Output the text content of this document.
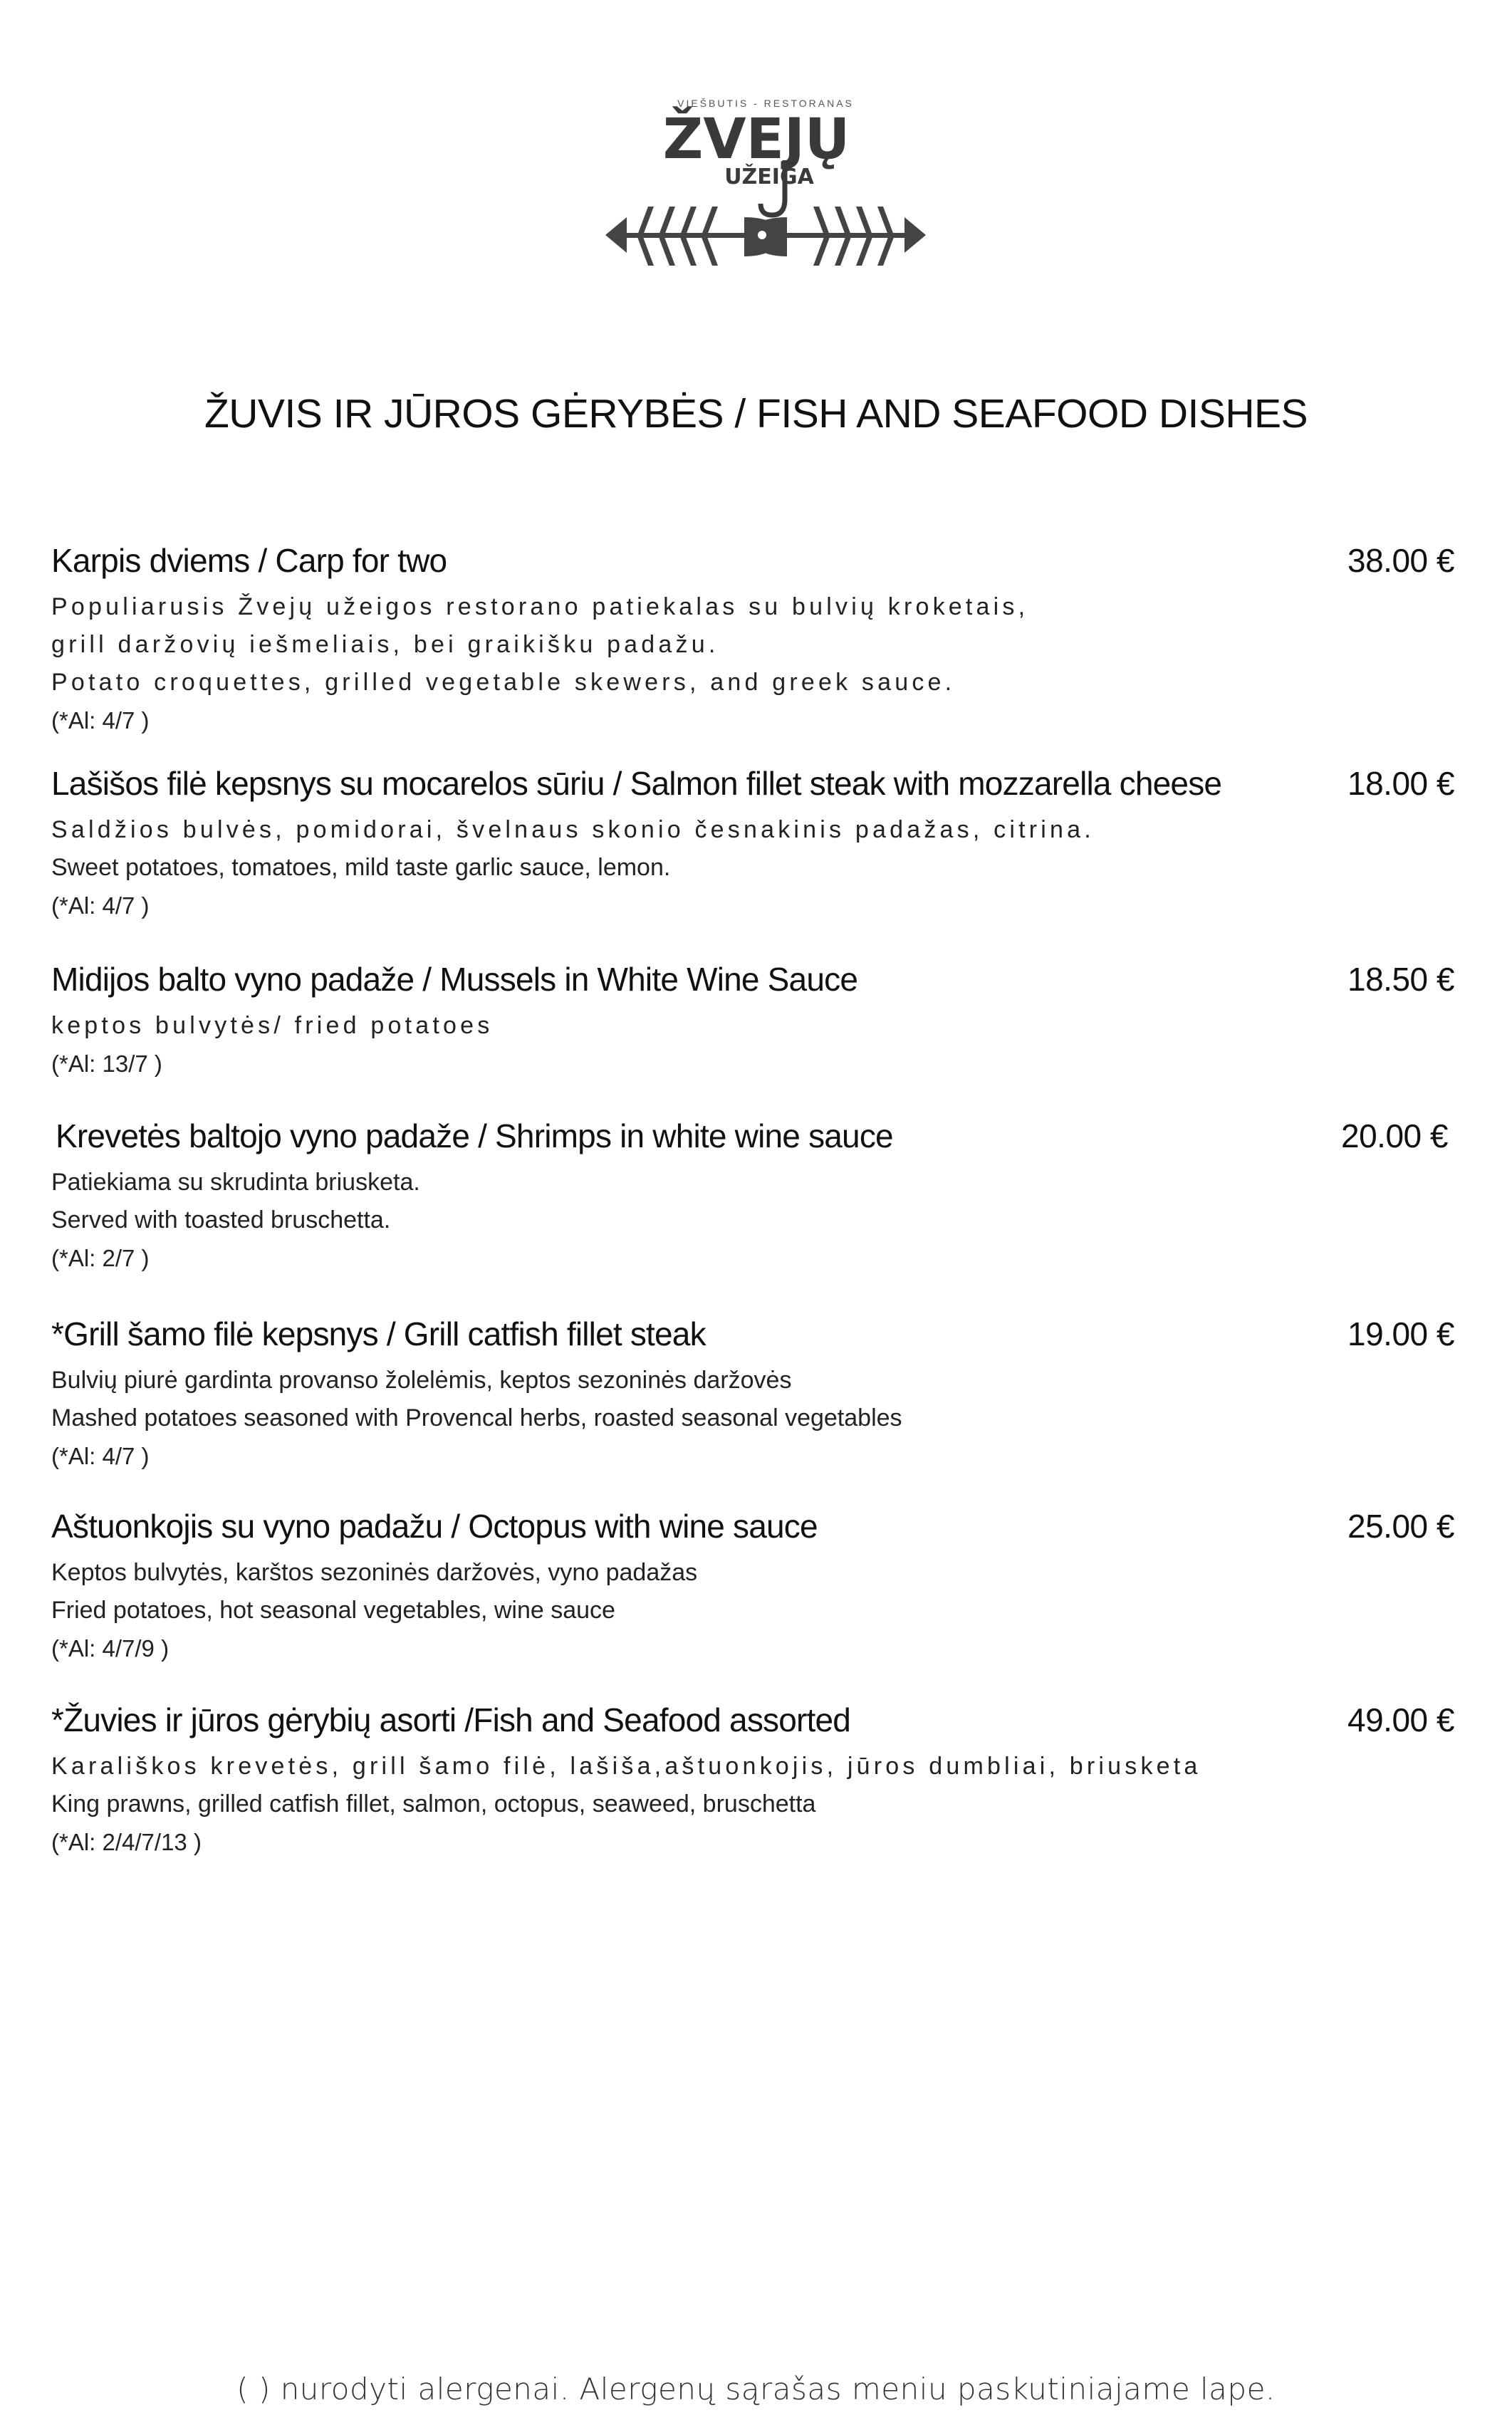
VIEŠBUTIS - RESTORANAS
ŽVEJŲ
UŽEIGA
ŽUVIS IR JŪROS GĖRYBĖS / FISH AND SEAFOOD DISHES
Karpis dviems / Carp for two	38.00 €
Populiarusis Žvejų užeigos restorano patiekalas su bulvių kroketais,
grill daržovių iešmeliais, bei graikišku padažu.
Potato croquettes, grilled vegetable skewers, and greek sauce.
(*Al: 4/7 )
Lašišos filė kepsnys su mocarelos sūriu / Salmon fillet steak with mozzarella cheese	18.00 €
Saldžios bulvės, pomidorai, švelnaus skonio česnakinis padažas, citrina.
Sweet potatoes, tomatoes, mild taste garlic sauce, lemon.
(*Al: 4/7 )
Midijos balto vyno padaže / Mussels in White Wine Sauce	18.50 €
keptos bulvytės/ fried potatoes
(*Al: 13/7 )
Krevetės baltojo vyno padaže / Shrimps in white wine sauce	20.00 €
Patiekiama su skrudinta briusketa.
Served with toasted bruschetta.
(*Al: 2/7 )
*Grill šamo filė kepsnys / Grill catfish fillet steak	19.00 €
Bulvių piurė gardinta provanso žolelėmis, keptos sezoninės daržovės
Mashed potatoes seasoned with Provencal herbs, roasted seasonal vegetables
(*Al: 4/7 )
Aštuonkojis su vyno padažu / Octopus with wine sauce	25.00 €
Keptos bulvytės, karštos sezoninės daržovės, vyno padažas
Fried potatoes, hot seasonal vegetables, wine sauce
(*Al: 4/7/9 )
*Žuvies ir jūros gėrybių asorti /Fish and Seafood assorted	49.00 €
Karališkos krevetės, grill šamo filė, lašiša,aštuonkojis, jūros dumbliai, briusketa
King prawns, grilled catfish fillet, salmon, octopus, seaweed, bruschetta
(*Al: 2/4/7/13 )
( ) nurodyti alergenai. Alergenų sąrašas meniu paskutiniajame lape.
